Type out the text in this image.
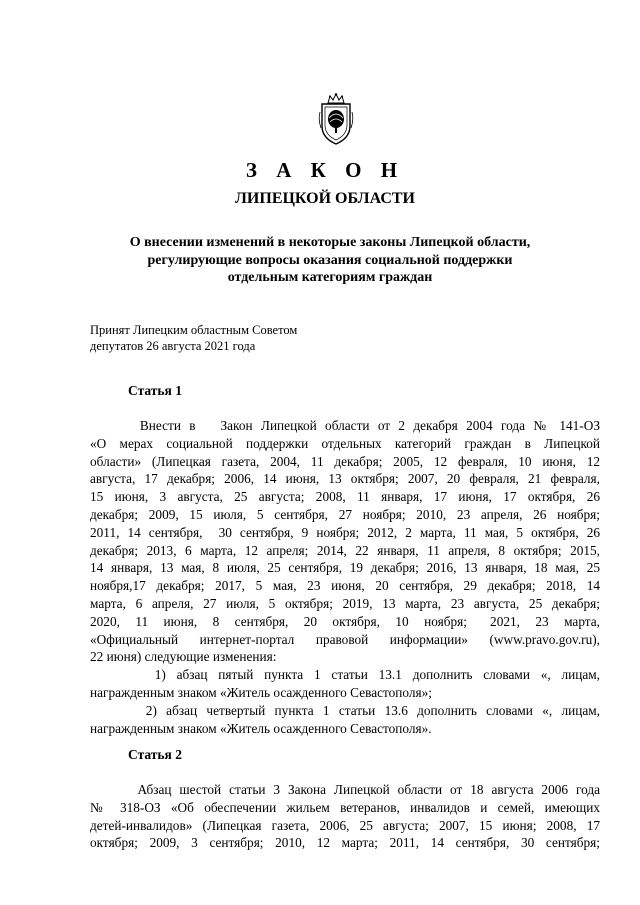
З А К О Н
ЛИПЕЦКОЙ ОБЛАСТИ
О внесении изменений в некоторые законы Липецкой области,
регулирующие вопросы оказания социальной поддержки
отдельным категориям граждан
Принят Липецким областным Советом
депутатов 26 августа 2021 года
Статья 1
Внести в   Закон Липецкой области от 2 декабря 2004 года № 141-ОЗ
«О мерах социальной поддержки отдельных категорий граждан в Липецкой
области» (Липецкая газета, 2004, 11 декабря; 2005, 12 февраля, 10 июня, 12
августа, 17 декабря; 2006, 14 июня, 13 октября; 2007, 20 февраля, 21 февраля,
15 июня, 3 августа, 25 августа; 2008, 11 января, 17 июня, 17 октября, 26
декабря; 2009, 15 июля, 5 сентября, 27 ноября; 2010, 23 апреля, 26 ноября;
2011, 14 сентября,  30 сентября, 9 ноября; 2012, 2 марта, 11 мая, 5 октября, 26
декабря; 2013, 6 марта, 12 апреля; 2014, 22 января, 11 апреля, 8 октября; 2015,
14 января, 13 мая, 8 июля, 25 сентября, 19 декабря; 2016, 13 января, 18 мая, 25
ноября,17 декабря; 2017, 5 мая, 23 июня, 20 сентября, 29 декабря; 2018, 14
марта, 6 апреля, 27 июля, 5 октября; 2019, 13 марта, 23 августа, 25 декабря;
2020,  11  июня,  8  сентября,  20  октября,  10  ноября;   2021,  23  марта,
«Официальный интернет-портал правовой информации» (www.pravo.gov.ru),
22 июня) следующие изменения:
1) абзац пятый пункта 1 статьи 13.1 дополнить словами «, лицам,
награжденным знаком «Житель осажденного Севастополя»;
2) абзац четвертый пункта 1 статьи 13.6 дополнить словами «, лицам,
награжденным знаком «Житель осажденного Севастополя».
Статья 2
Абзац шестой статьи 3 Закона Липецкой области от 18 августа 2006 года
№ 318-ОЗ «Об обеспечении жильем ветеранов, инвалидов и семей, имеющих
детей-инвалидов» (Липецкая газета, 2006, 25 августа; 2007, 15 июня; 2008, 17
октября;  2009,  3  сентября;  2010,  12  марта;  2011,  14  сентября,  30  сентября;
